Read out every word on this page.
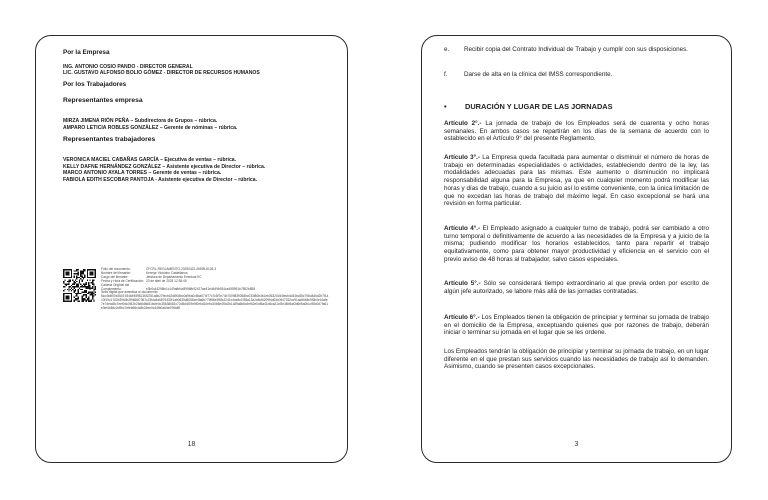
Por la Empresa
ING. ANTONIO COSIO PANDO - DIRECTOR GENERAL
LIC. GUSTAVO ALFONSO BOLIO GÓMEZ - DIRECTOR DE RECURSOS HUMANOS
Por los Trabajadores
Representantes empresa
MIRZA JIMENA RIÓN PEÑA – Subdirectora de Grupos – rúbrica.
AMPARO LETICIA ROBLES GONZÁLEZ – Gerente de nóminas – rúbrica.
Representantes trabajadores
VERONICA MACIEL CABAÑAS GARCÍA – Ejecutiva de ventas – rúbrica.
KELLY DAFNE HERNÁNDEZ GONZÁLEZ – Asistente ejecutiva de Director – rúbrica.
MARCO ANTONIO AYALA TORRES – Gerente de ventas – rúbrica.
FABIOLA EDITH ESCOBAR PANTOJA - Asistente ejecutiva de Director – rúbrica.
Folio del documento:	CFCRL-REGLAMENTO-20250422-26599-6128-3
Nombre del firmante:	Kennye Victorino Castellanos
Cargo del firmante:	Jefatura de Departamento Eventual KC
Fecha y Hora de Certificación: 23 de abril de 2025 12:36:45
Cadena Original del Complemento:	e3b0c44298fc1c149afbf4c8996fb92427ae41e4649b934ca495991b7852b855
Sello digital que autentica el documento:
5cc4b4f00e2601934b49898136f2251a6b27fecb42d8f04bc0d9ba0c8ba074f77c7c8f7e74b7009839058bc033f80b4b1eb06320c54fecb4d34bc58c796d4d6d2b7f1410f19c1762b3960b2f9666f7367c23fdd4d6876330f1ab0635d6058ce4fa6b779f86e998c2241c4ee8c1f38a13a2d6cf6209f4d03c0547332cc91ad6668c9f3b0e16afe7e7decd8c7eef0dc0f42b2bd6d8d81bcfe0c35638681c72d5d4f29e0f0ebd10ebc30b8e4f0d2b1c89a6b8c4ef62e0cf8a41b6ca21cf3e36b5af2d6e6a0b1c98c0d7fa61e3ef4b84c2d9bc7efeb6fb4c8b26ee0c44fb0a64e09f0df8
18
e.	Recibir copia del Contrato Individual de Trabajo y cumplir con sus disposiciones.
f.	Darse de alta en la clínica del IMSS correspondiente.
• DURACIÓN Y LUGAR DE LAS JORNADAS

Artículo 2°.- La jornada de trabajo de los Empleados será de cuarenta y ocho horas semanales. En ambos casos se repartirán en los días de la semana de acuerdo con lo establecido en el Artículo 9° del presente Reglamento.

Artículo 3°.- La Empresa queda facultada para aumentar o disminuir el número de horas de trabajo en determinadas especialidades o actividades, estableciendo dentro de la ley, las modalidades adecuadas para las mismas. Este aumento o disminución no implicará responsabilidad alguna para la Empresa, ya que en cualquier momento podrá modificar las horas y días de trabajo, cuando a su juicio así lo estime conveniente, con la única limitación de que no excedan las horas de trabajo del máximo legal. En caso excepcional se hará una revisión en forma particular.

Artículo 4°.- El Empleado asignado a cualquier turno de trabajo, podrá ser cambiado a otro turno temporal o definitivamente de acuerdo a las necesidades de la Empresa y a juicio de la misma; pudiendo modificar los horarios establecidos, tanto para repartir el trabajo equitativamente, como para obtener mayor productividad y eficiencia en el servicio con el previo aviso de 48 horas al trabajador, salvo casos especiales.

Artículo 5°.- Sólo se considerará tiempo extraordinario al que previa orden por escrito de algún jefe autorizado, se labore más allá de las jornadas contratadas.

Artículo 6°.- Los Empleados tienen la obligación de principiar y terminar su jornada de trabajo en el domicilio de la Empresa, exceptuando quienes que por razones de trabajo, deberán iniciar o terminar su jornada en el lugar que se les ordene.

Los Empleados tendrán la obligación de principiar y terminar su jornada de trabajo, en un lugar diferente en el que prestan sus servicios cuando las necesidades de trabajo así lo demanden. Asimismo, cuando se presenten casos excepcionales.

3
